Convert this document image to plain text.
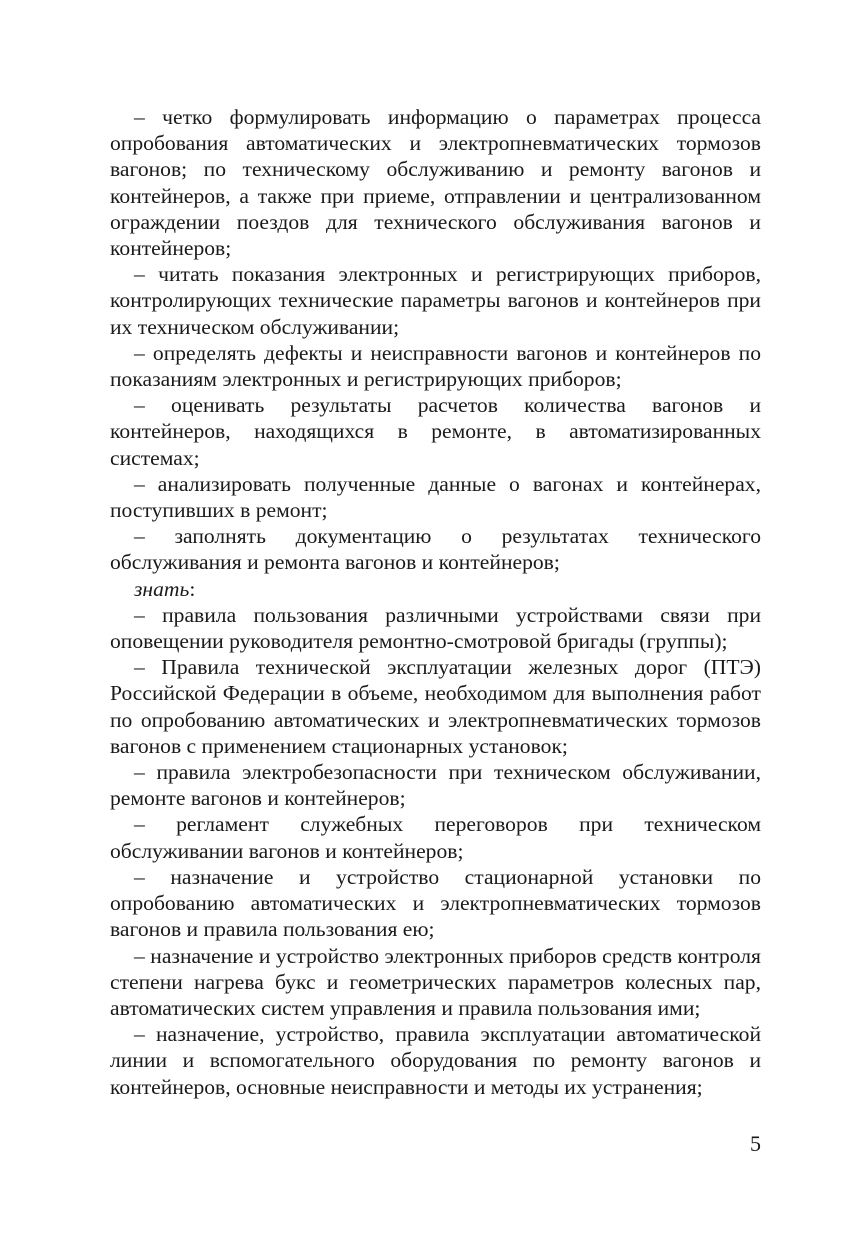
– четко формулировать информацию о параметрах процесса опробования автоматических и электропневматических тормозов вагонов; по техническому обслуживанию и ремонту вагонов и контейнеров, а также при приеме, отправлении и централизованном ограждении поездов для технического обслуживания вагонов и контейнеров;

– читать показания электронных и регистрирующих приборов, контролирующих технические параметры вагонов и контейнеров при их техническом обслуживании;

– определять дефекты и неисправности вагонов и контейнеров по показаниям электронных и регистрирующих приборов;

– оценивать результаты расчетов количества вагонов и контейнеров, находящихся в ремонте, в автоматизированных системах;

– анализировать полученные данные о вагонах и контейнерах, поступивших в ремонт;

– заполнять документацию о результатах технического обслуживания и ремонта вагонов и контейнеров;

знать:

– правила пользования различными устройствами связи при оповещении руководителя ремонтно-смотровой бригады (группы);

– Правила технической эксплуатации железных дорог (ПТЭ) Российской Федерации в объеме, необходимом для выполнения работ по опробованию автоматических и электропневматических тормозов вагонов с применением стационарных установок;

– правила электробезопасности при техническом обслуживании, ремонте вагонов и контейнеров;

– регламент служебных переговоров при техническом обслуживании вагонов и контейнеров;

– назначение и устройство стационарной установки по опробованию автоматических и электропневматических тормозов вагонов и правила пользования ею;

– назначение и устройство электронных приборов средств контроля степени нагрева букс и геометрических параметров колесных пар, автоматических систем управления и правила пользования ими;

– назначение, устройство, правила эксплуатации автоматической линии и вспомогательного оборудования по ремонту вагонов и контейнеров, основные неисправности и методы их устранения;

5
